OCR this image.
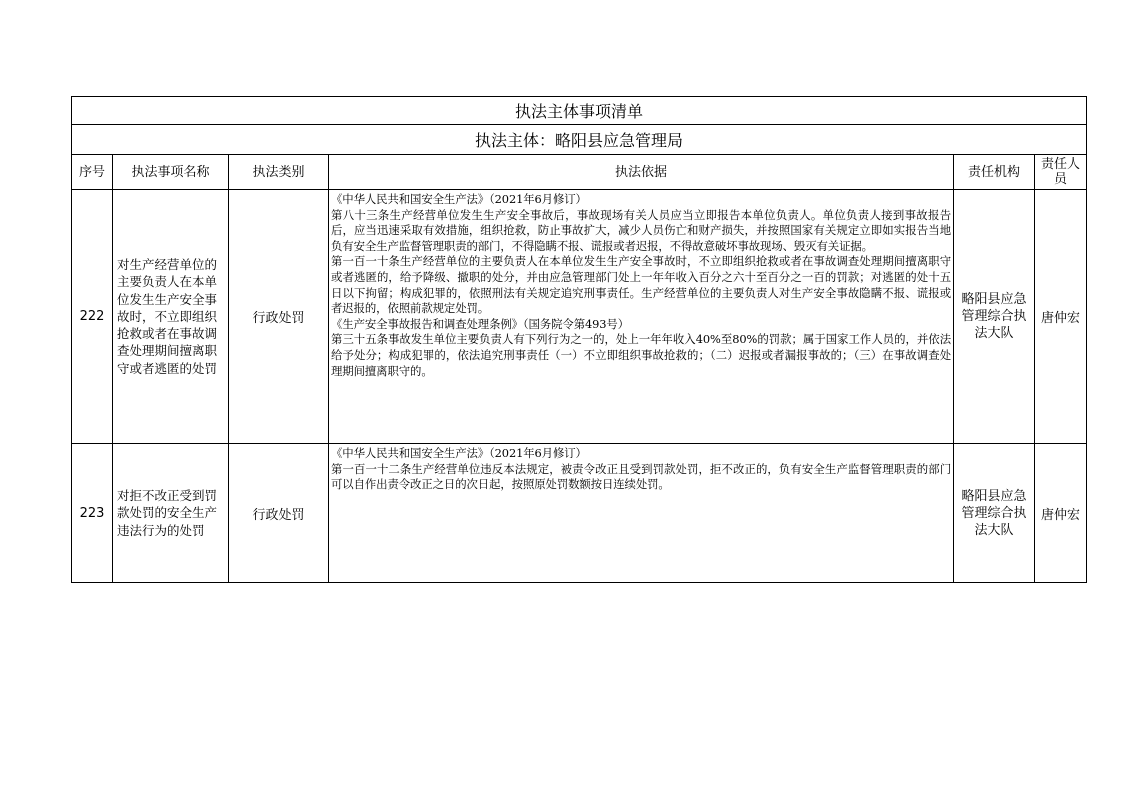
执法主体事项清单					
执法主体：略阳县应急管理局					
序号	执法事项名称	执法类别	执法依据	责任机构	责任人员
222	对生产经营单位的主要负责人在本单位发生生产安全事故时，不立即组织抢救或者在事故调查处理期间擅离职守或者逃匿的处罚	行政处罚	《中华人民共和国安全生产法》（2021年6月修订）

第八十三条生产经营单位发生生产安全事故后，事故现场有关人员应当立即报告本单位负责人。单位负责人接到事故报告后，应当迅速采取有效措施，组织抢救，防止事故扩大，减少人员伤亡和财产损失，并按照国家有关规定立即如实报告当地负有安全生产监督管理职责的部门，不得隐瞒不报、谎报或者迟报，不得故意破坏事故现场、毁灭有关证据。

第一百一十条生产经营单位的主要负责人在本单位发生生产安全事故时，不立即组织抢救或者在事故调查处理期间擅离职守或者逃匿的，给予降级、撤职的处分，并由应急管理部门处上一年年收入百分之六十至百分之一百的罚款；对逃匿的处十五日以下拘留；构成犯罪的，依照刑法有关规定追究刑事责任。生产经营单位的主要负责人对生产安全事故隐瞒不报、谎报或者迟报的，依照前款规定处罚。

《生产安全事故报告和调查处理条例》（国务院令第493号）

第三十五条事故发生单位主要负责人有下列行为之一的，处上一年年收入40%至80%的罚款；属于国家工作人员的，并依法给予处分；构成犯罪的，依法追究刑事责任（一）不立即组织事故抢救的；（二）迟报或者漏报事故的；（三）在事故调查处理期间擅离职守的。	略阳县应急管理综合执法大队	唐仲宏
223	对拒不改正受到罚款处罚的安全生产违法行为的处罚	行政处罚	《中华人民共和国安全生产法》（2021年6月修订）

第一百一十二条生产经营单位违反本法规定，被责令改正且受到罚款处罚，拒不改正的，负有安全生产监督管理职责的部门可以自作出责令改正之日的次日起，按照原处罚数额按日连续处罚。	略阳县应急管理综合执法大队	唐仲宏
